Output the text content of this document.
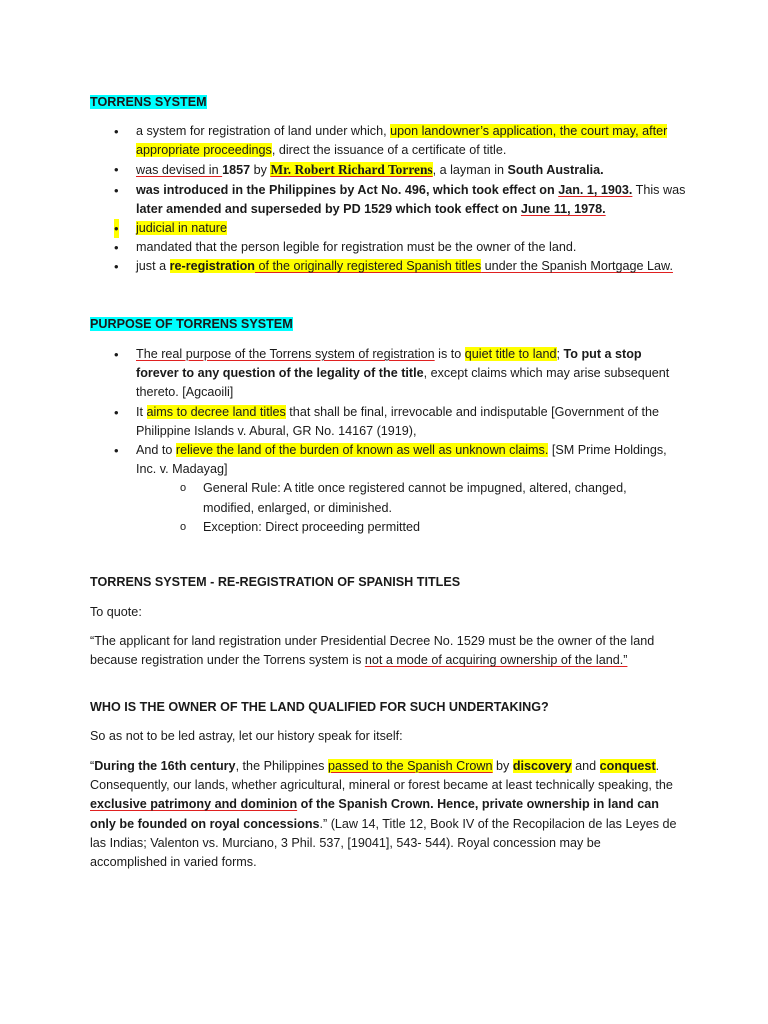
TORRENS SYSTEM
• a system for registration of land under which, upon landowner’s application, the court may, after appropriate proceedings, direct the issuance of a certificate of title.
• was devised in 1857 by Mr. Robert Richard Torrens, a layman in South Australia.
• was introduced in the Philippines by Act No. 496, which took effect on Jan. 1, 1903. This was
later amended and superseded by PD 1529 which took effect on June 11, 1978.
• judicial in nature
• mandated that the person legible for registration must be the owner of the land.
• just a re-registration of the originally registered Spanish titles under the Spanish Mortgage Law.
PURPOSE OF TORRENS SYSTEM
• The real purpose of the Torrens system of registration is to quiet title to land; To put a stop
forever to any question of the legality of the title, except claims which may arise subsequent thereto. [Agcaoili]
• It aims to decree land titles that shall be final, irrevocable and indisputable [Government of the Philippine Islands v. Abural, GR No. 14167 (1919),
• And to relieve the land of the burden of known as well as unknown claims. [SM Prime Holdings, Inc. v. Madayag]
o General Rule: A title once registered cannot be impugned, altered, changed, modified, enlarged, or diminished.
o Exception: Direct proceeding permitted
TORRENS SYSTEM - RE-REGISTRATION OF SPANISH TITLES

To quote:

“The applicant for land registration under Presidential Decree No. 1529 must be the owner of the land because registration under the Torrens system is not a mode of acquiring ownership of the land.”

WHO IS THE OWNER OF THE LAND QUALIFIED FOR SUCH UNDERTAKING?

So as not to be led astray, let our history speak for itself:

“During the 16th century, the Philippines passed to the Spanish Crown by discovery and conquest. Consequently, our lands, whether agricultural, mineral or forest became at least technically speaking, the exclusive patrimony and dominion of the Spanish Crown. Hence, private ownership in land can only be founded on royal concessions.” (Law 14, Title 12, Book IV of the Recopilacion de las Leyes de las Indias; Valenton vs. Murciano, 3 Phil. 537, [19041], 543- 544). Royal concession may be accomplished in varied forms.
